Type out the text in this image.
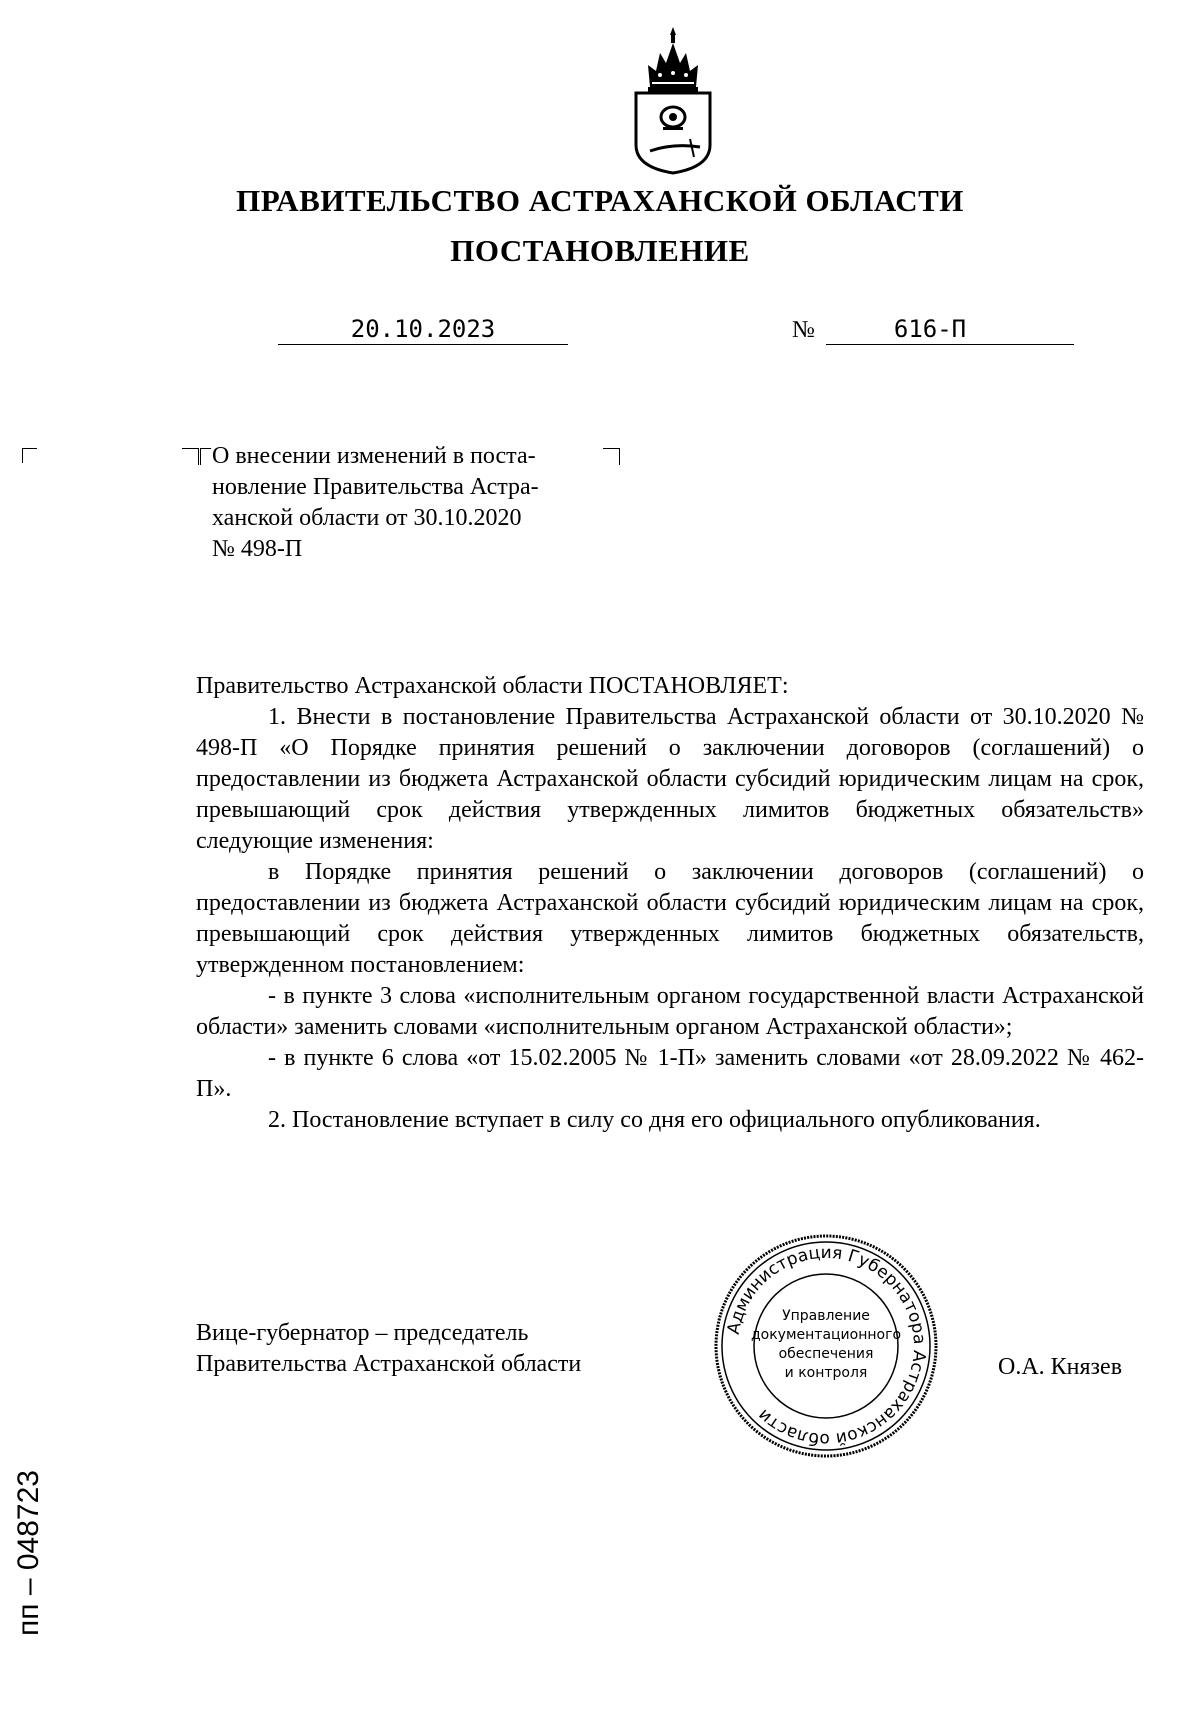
ПРАВИТЕЛЬСТВО АСТРАХАНСКОЙ ОБЛАСТИ
ПОСТАНОВЛЕНИЕ
20.10.2023	№	616-П
О внесении изменений в поста-
новление Правительства Астра-
ханской области от 30.10.2020
№ 498-П

Правительство Астраханской области ПОСТАНОВЛЯЕТ:

1. Внести в постановление Правительства Астраханской области от 30.10.2020 № 498-П «О Порядке принятия решений о заключении договоров (соглашений) о предоставлении из бюджета Астраханской области субсидий юридическим лицам на срок, превышающий срок действия утвержденных лимитов бюджетных обязательств» следующие изменения:

в Порядке принятия решений о заключении договоров (соглашений) о предоставлении из бюджета Астраханской области субсидий юридическим лицам на срок, превышающий срок действия утвержденных лимитов бюджетных обязательств, утвержденном постановлением:

- в пункте 3 слова «исполнительным органом государственной власти Астраханской области» заменить словами «исполнительным органом Астраханской области»;

- в пункте 6 слова «от 15.02.2005 № 1-П» заменить словами «от 28.09.2022 № 462-П».

2. Постановление вступает в силу со дня его официального опубликования.

Вице-губернатор – председатель
Правительства Астраханской области
Администрация Губернатора Астраханской области
Управление
документационного
обеспечения
и контроля	О.А. Князев
пп – 048723
